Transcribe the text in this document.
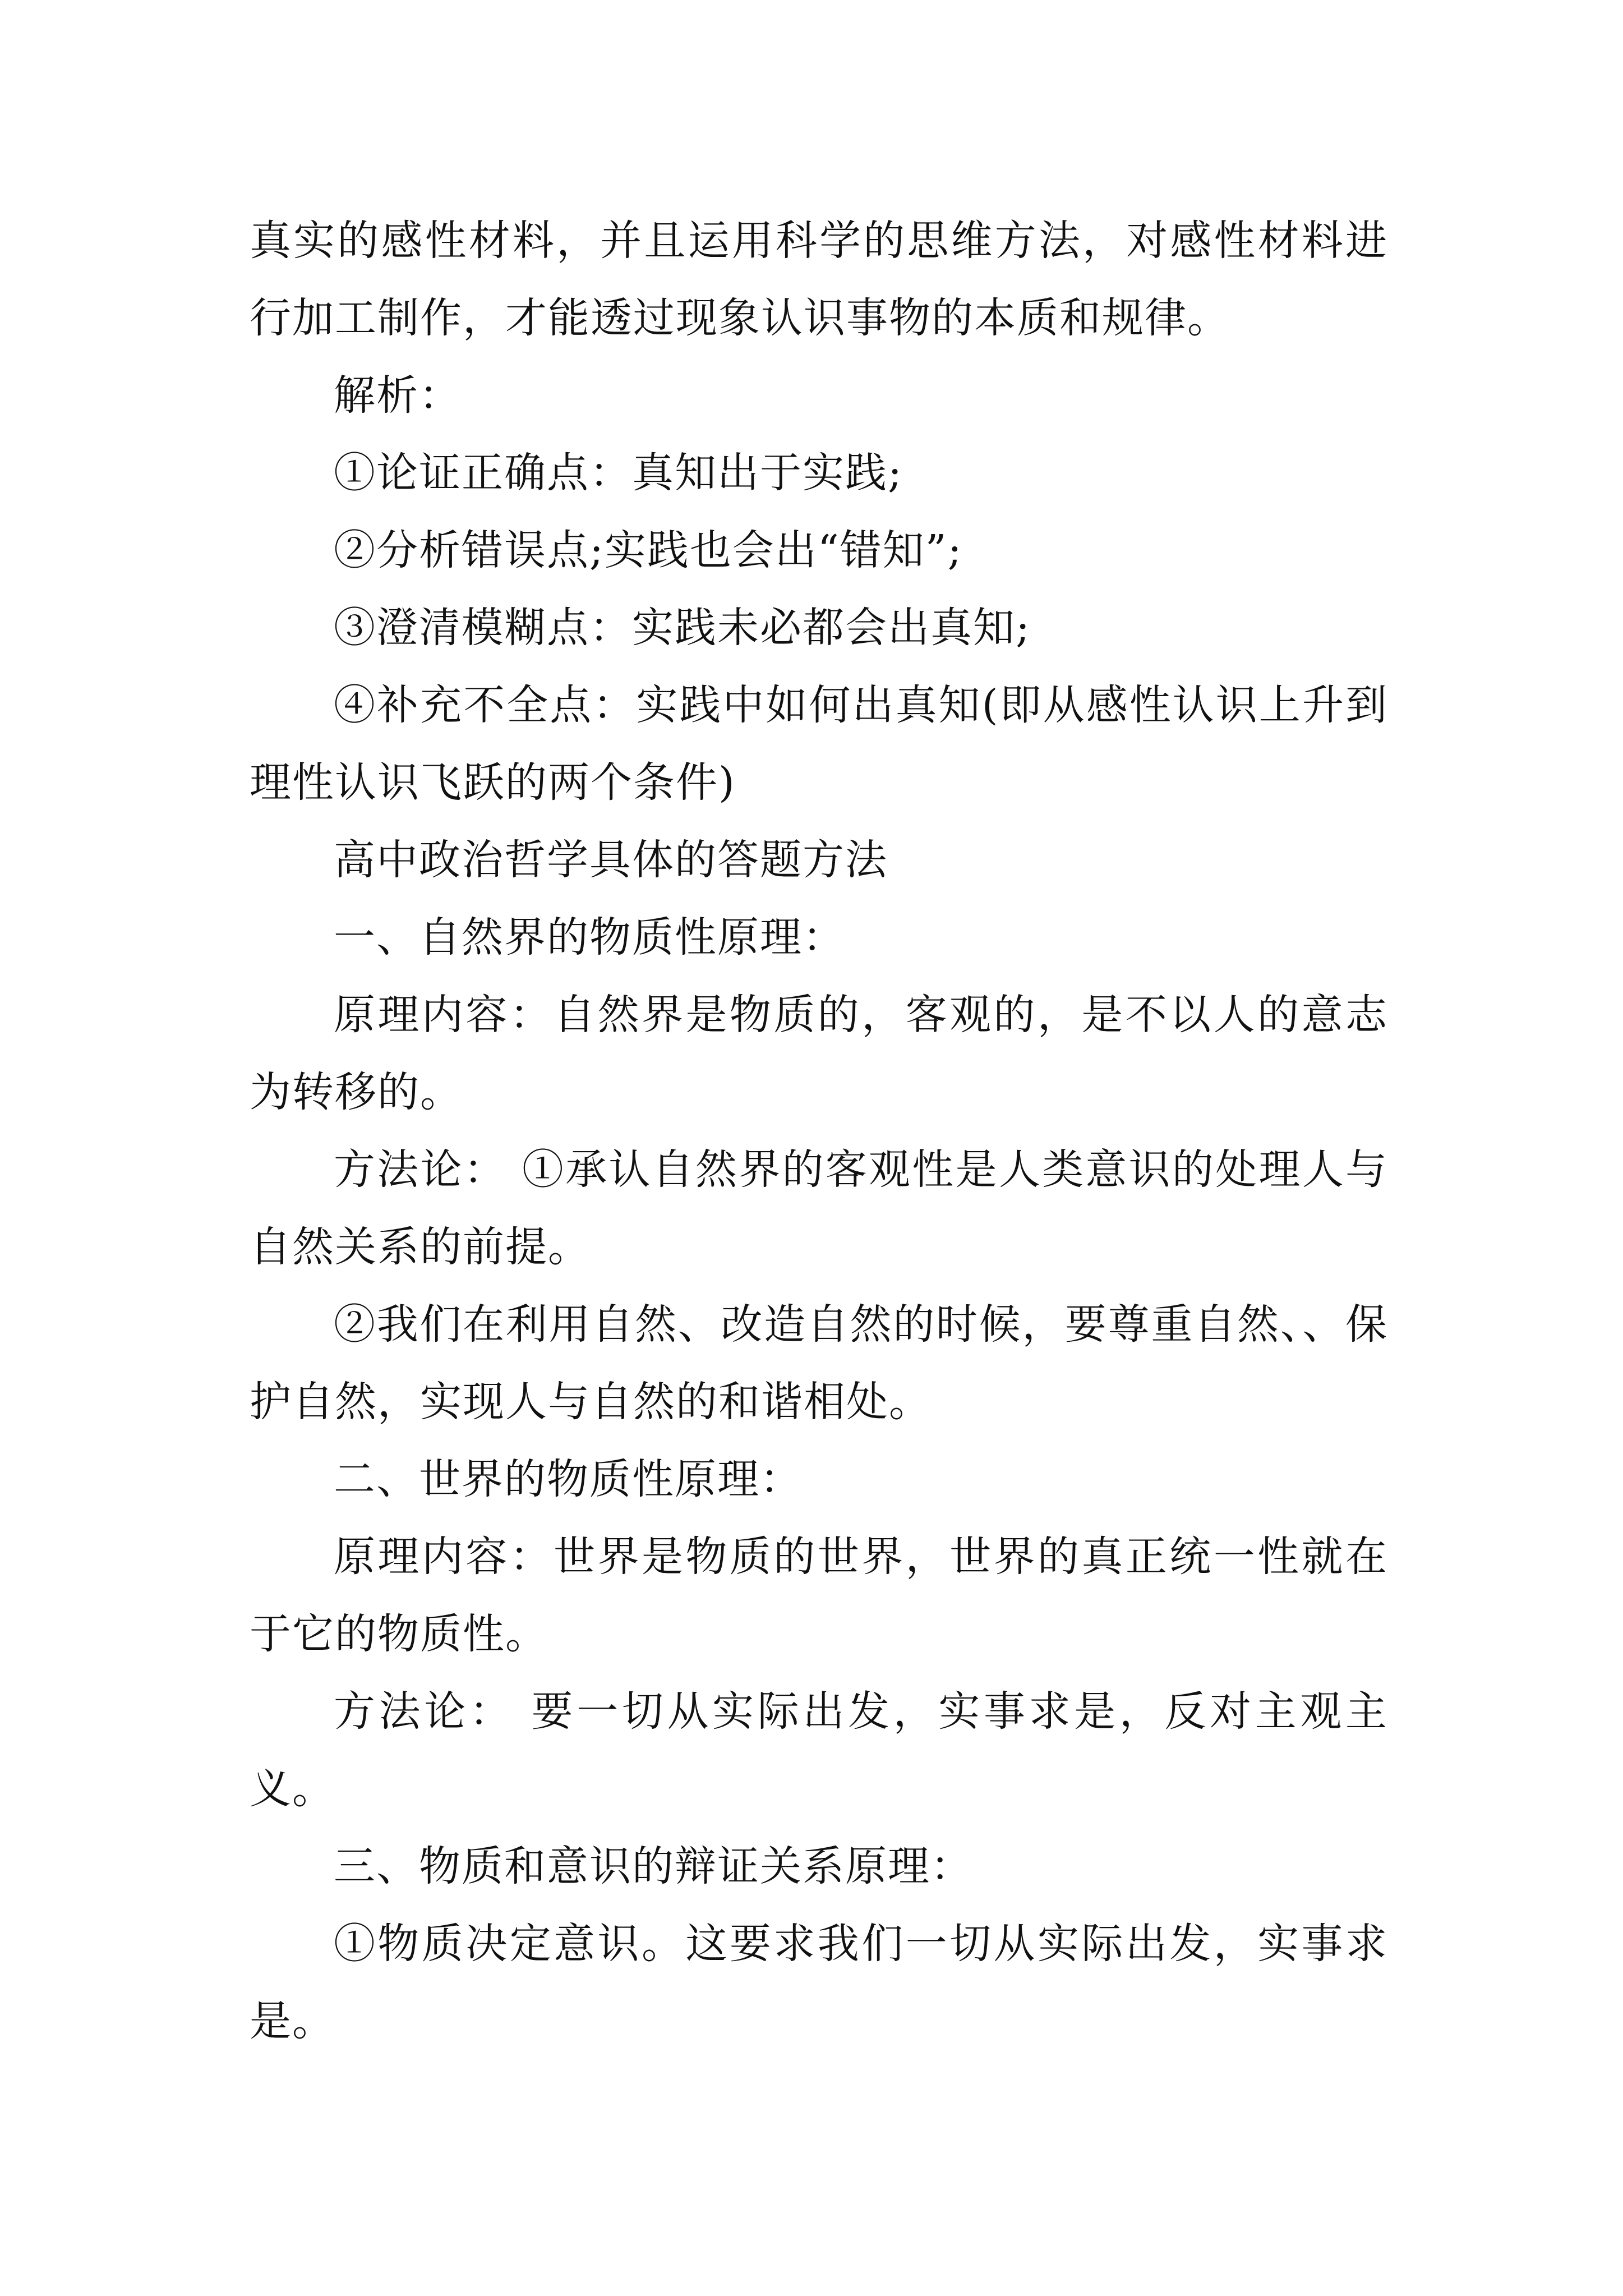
真实的感性材料，并且运用科学的思维方法，对感性材料进行加工制作，才能透过现象认识事物的本质和规律。

解析：

①论证正确点：真知出于实践;

②分析错误点;实践也会出“错知”;

③澄清模糊点：实践未必都会出真知;

④补充不全点：实践中如何出真知(即从感性认识上升到理性认识飞跃的两个条件)

高中政治哲学具体的答题方法

一、自然界的物质性原理：

原理内容：自然界是物质的，客观的，是不以人的意志为转移的。

方法论： ①承认自然界的客观性是人类意识的处理人与自然关系的前提。

②我们在利用自然、改造自然的时候，要尊重自然、、保护自然，实现人与自然的和谐相处。

二、世界的物质性原理：

原理内容：世界是物质的世界，世界的真正统一性就在于它的物质性。

方法论： 要一切从实际出发，实事求是，反对主观主义。

三、物质和意识的辩证关系原理：

①物质决定意识。这要求我们一切从实际出发，实事求是。
